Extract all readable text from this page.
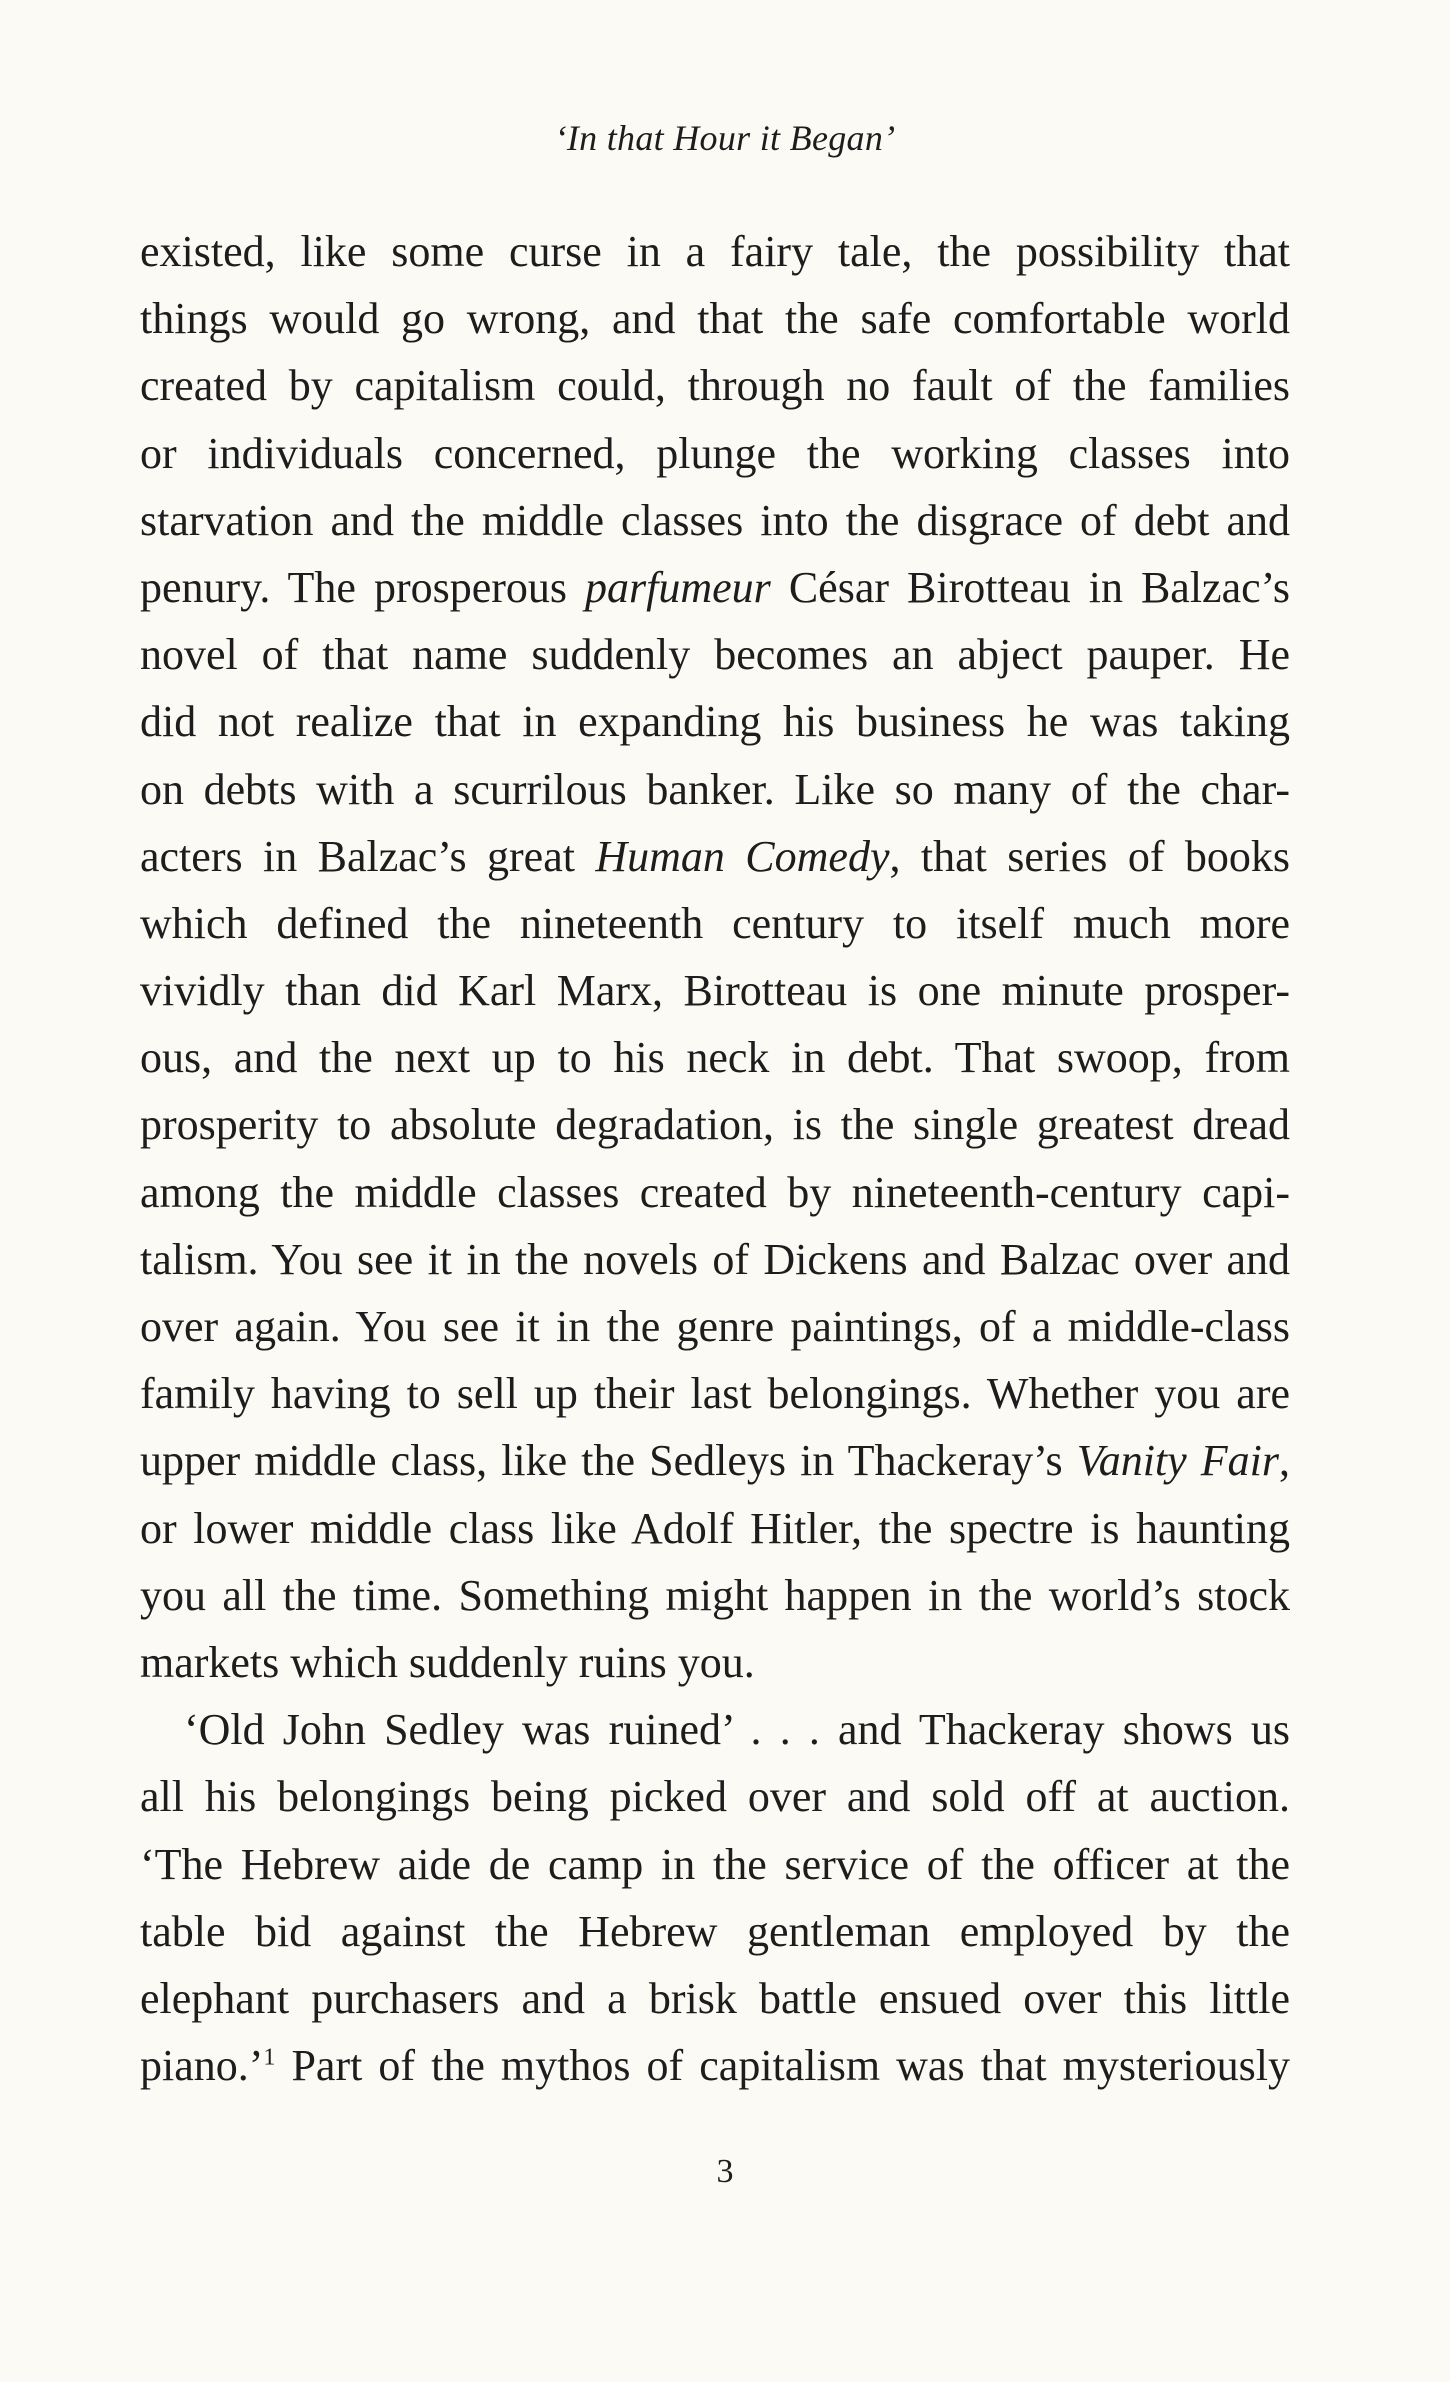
‘In that Hour it Began’
existed, like some curse in a fairy tale, the possibility that
things would go wrong, and that the safe comfortable world
created by capitalism could, through no fault of the families
or individuals concerned, plunge the working classes into
starvation and the middle classes into the disgrace of debt and
penury. The prosperous parfumeur César Birotteau in Balzac’s
novel of that name suddenly becomes an abject pauper. He
did not realize that in expanding his business he was taking
on debts with a scurrilous banker. Like so many of the char-
acters in Balzac’s great Human Comedy, that series of books
which defined the nineteenth century to itself much more
vividly than did Karl Marx, Birotteau is one minute prosper-
ous, and the next up to his neck in debt. That swoop, from
prosperity to absolute degradation, is the single greatest dread
among the middle classes created by nineteenth-century capi-
talism. You see it in the novels of Dickens and Balzac over and
over again. You see it in the genre paintings, of a middle-class
family having to sell up their last belongings. Whether you are
upper middle class, like the Sedleys in Thackeray’s Vanity Fair,
or lower middle class like Adolf Hitler, the spectre is haunting
you all the time. Something might happen in the world’s stock
markets which suddenly ruins you.
‘Old John Sedley was ruined’ . . . and Thackeray shows us
all his belongings being picked over and sold off at auction.
‘The Hebrew aide de camp in the service of the officer at the
table bid against the Hebrew gentleman employed by the
elephant purchasers and a brisk battle ensued over this little
piano.’$^1$ Part of the mythos of capitalism was that mysteriously
3
